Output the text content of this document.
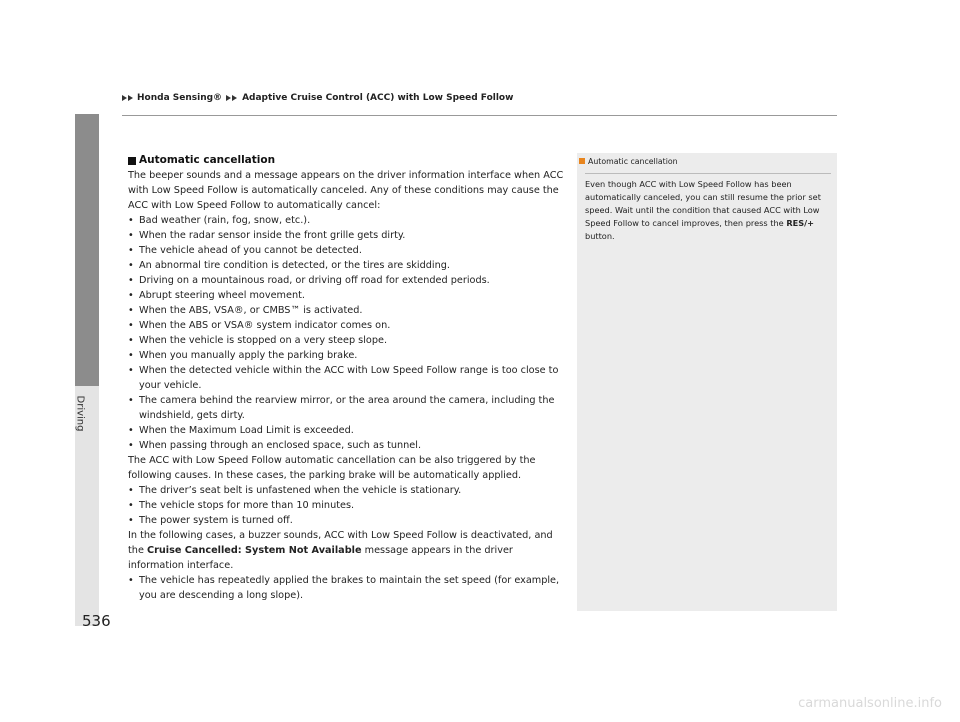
Honda Sensing® Adaptive Cruise Control (ACC) with Low Speed Follow
Driving
Automatic cancellation

The beeper sounds and a message appears on the driver information interface when ACC with Low Speed Follow is automatically canceled. Any of these conditions may cause the ACC with Low Speed Follow to automatically cancel:

• Bad weather (rain, fog, snow, etc.).
• When the radar sensor inside the front grille gets dirty.
• The vehicle ahead of you cannot be detected.
• An abnormal tire condition is detected, or the tires are skidding.
• Driving on a mountainous road, or driving off road for extended periods.
• Abrupt steering wheel movement.
• When the ABS, VSA®, or CMBS™ is activated.
• When the ABS or VSA® system indicator comes on.
• When the vehicle is stopped on a very steep slope.
• When you manually apply the parking brake.
• When the detected vehicle within the ACC with Low Speed Follow range is too close to your vehicle.
• The camera behind the rearview mirror, or the area around the camera, including the windshield, gets dirty.
• When the Maximum Load Limit is exceeded.
• When passing through an enclosed space, such as tunnel.

The ACC with Low Speed Follow automatic cancellation can be also triggered by the following causes. In these cases, the parking brake will be automatically applied.

• The driver’s seat belt is unfastened when the vehicle is stationary.
• The vehicle stops for more than 10 minutes.
• The power system is turned off.

In the following cases, a buzzer sounds, ACC with Low Speed Follow is deactivated, and the Cruise Cancelled: System Not Available message appears in the driver information interface.

• The vehicle has repeatedly applied the brakes to maintain the set speed (for example, you are descending a long slope).
Automatic cancellation

Even though ACC with Low Speed Follow has been automatically canceled, you can still resume the prior set speed. Wait until the condition that caused ACC with Low Speed Follow to cancel improves, then press the RES/+ button.

536
carmanualsonline.info
